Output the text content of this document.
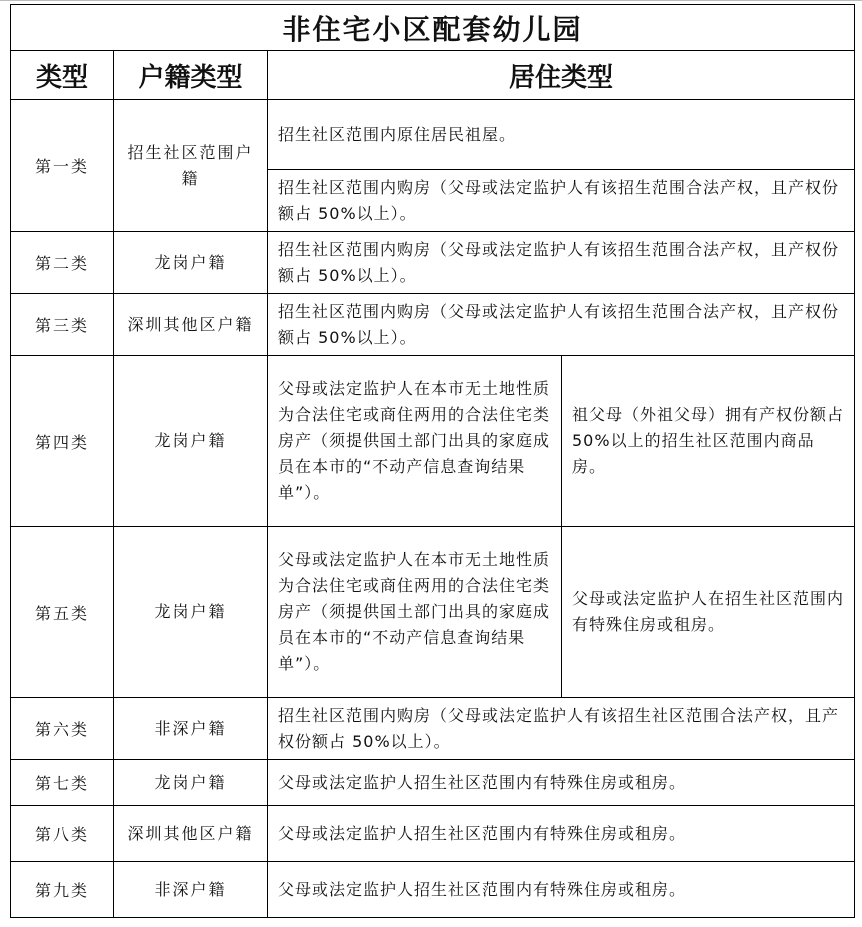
非住宅小区配套幼儿园			
类型	户籍类型	居住类型	
第一类	招生社区范围户籍	招生社区范围内原住居民祖屋。	
		招生社区范围内购房（父母或法定监护人有该招生范围合法产权，且产权份额占 50%以上）。	
第二类	龙岗户籍	招生社区范围内购房（父母或法定监护人有该招生范围合法产权，且产权份额占 50%以上）。	
第三类	深圳其他区户籍	招生社区范围内购房（父母或法定监护人有该招生范围合法产权，且产权份额占 50%以上）。	
第四类	龙岗户籍	父母或法定监护人在本市无土地性质为合法住宅或商住两用的合法住宅类房产（须提供国土部门出具的家庭成员在本市的“不动产信息查询结果单”）。	祖父母（外祖父母）拥有产权份额占 50%以上的招生社区范围内商品房。
第五类	龙岗户籍	父母或法定监护人在本市无土地性质为合法住宅或商住两用的合法住宅类房产（须提供国土部门出具的家庭成员在本市的“不动产信息查询结果单”）。	父母或法定监护人在招生社区范围内有特殊住房或租房。
第六类	非深户籍	招生社区范围内购房（父母或法定监护人有该招生社区范围合法产权，且产权份额占 50%以上）。	
第七类	龙岗户籍	父母或法定监护人招生社区范围内有特殊住房或租房。	
第八类	深圳其他区户籍	父母或法定监护人招生社区范围内有特殊住房或租房。	
第九类	非深户籍	父母或法定监护人招生社区范围内有特殊住房或租房。	
